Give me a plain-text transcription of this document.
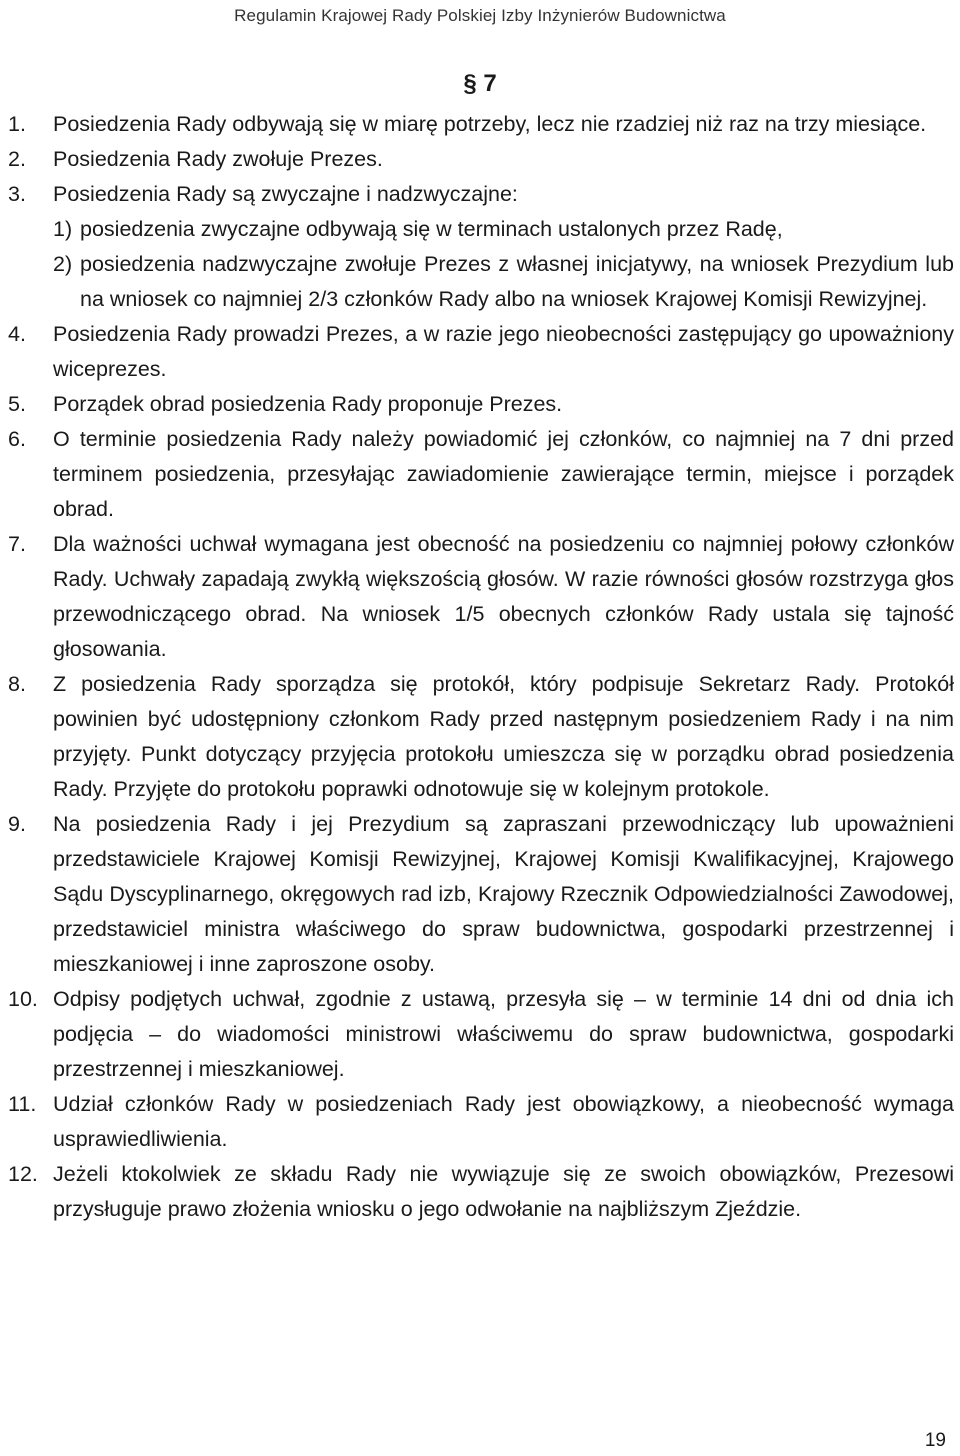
Regulamin Krajowej Rady Polskiej Izby Inżynierów Budownictwa
§ 7
1. Posiedzenia Rady odbywają się w miarę potrzeby, lecz nie rzadziej niż raz na trzy miesiące.
2. Posiedzenia Rady zwołuje Prezes.
3. Posiedzenia Rady są zwyczajne i nadzwyczajne:
1) posiedzenia zwyczajne odbywają się w terminach ustalonych przez Radę,
2) posiedzenia nadzwyczajne zwołuje Prezes z własnej inicjatywy, na wniosek Prezydium lub na wniosek co najmniej 2/3 członków Rady albo na wniosek Krajowej Komisji Rewizyjnej.
4. Posiedzenia Rady prowadzi Prezes, a w razie jego nieobecności zastępujący go upoważniony wiceprezes.
5. Porządek obrad posiedzenia Rady proponuje Prezes.
6. O terminie posiedzenia Rady należy powiadomić jej członków, co najmniej na 7 dni przed terminem posiedzenia, przesyłając zawiadomienie zawierające termin, miejsce i porządek obrad.
7. Dla ważności uchwał wymagana jest obecność na posiedzeniu co najmniej połowy członków Rady. Uchwały zapadają zwykłą większością głosów. W razie równości głosów rozstrzyga głos przewodniczącego obrad. Na wniosek 1/5 obecnych członków Rady ustala się tajność głosowania.
8. Z posiedzenia Rady sporządza się protokół, który podpisuje Sekretarz Rady. Protokół powinien być udostępniony członkom Rady przed następnym posiedzeniem Rady i na nim przyjęty. Punkt dotyczący przyjęcia protokołu umieszcza się w porządku obrad posiedzenia Rady. Przyjęte do protokołu poprawki odnotowuje się w kolejnym protokole.
9. Na posiedzenia Rady i jej Prezydium są zapraszani przewodniczący lub upoważnieni przedstawiciele Krajowej Komisji Rewizyjnej, Krajowej Komisji Kwalifikacyjnej, Krajowego Sądu Dyscyplinarnego, okręgowych rad izb, Krajowy Rzecznik Odpowiedzialności Zawodowej, przedstawiciel ministra właściwego do spraw budownictwa, gospodarki przestrzennej i mieszkaniowej i inne zaproszone osoby.
10. Odpisy podjętych uchwał, zgodnie z ustawą, przesyła się – w terminie 14 dni od dnia ich podjęcia – do wiadomości ministrowi właściwemu do spraw budownictwa, gospodarki przestrzennej i mieszkaniowej.
11. Udział członków Rady w posiedzeniach Rady jest obowiązkowy, a nieobecność wymaga usprawiedliwienia.
12. Jeżeli ktokolwiek ze składu Rady nie wywiązuje się ze swoich obowiązków, Prezesowi przysługuje prawo złożenia wniosku o jego odwołanie na najbliższym Zjeździe.
19
